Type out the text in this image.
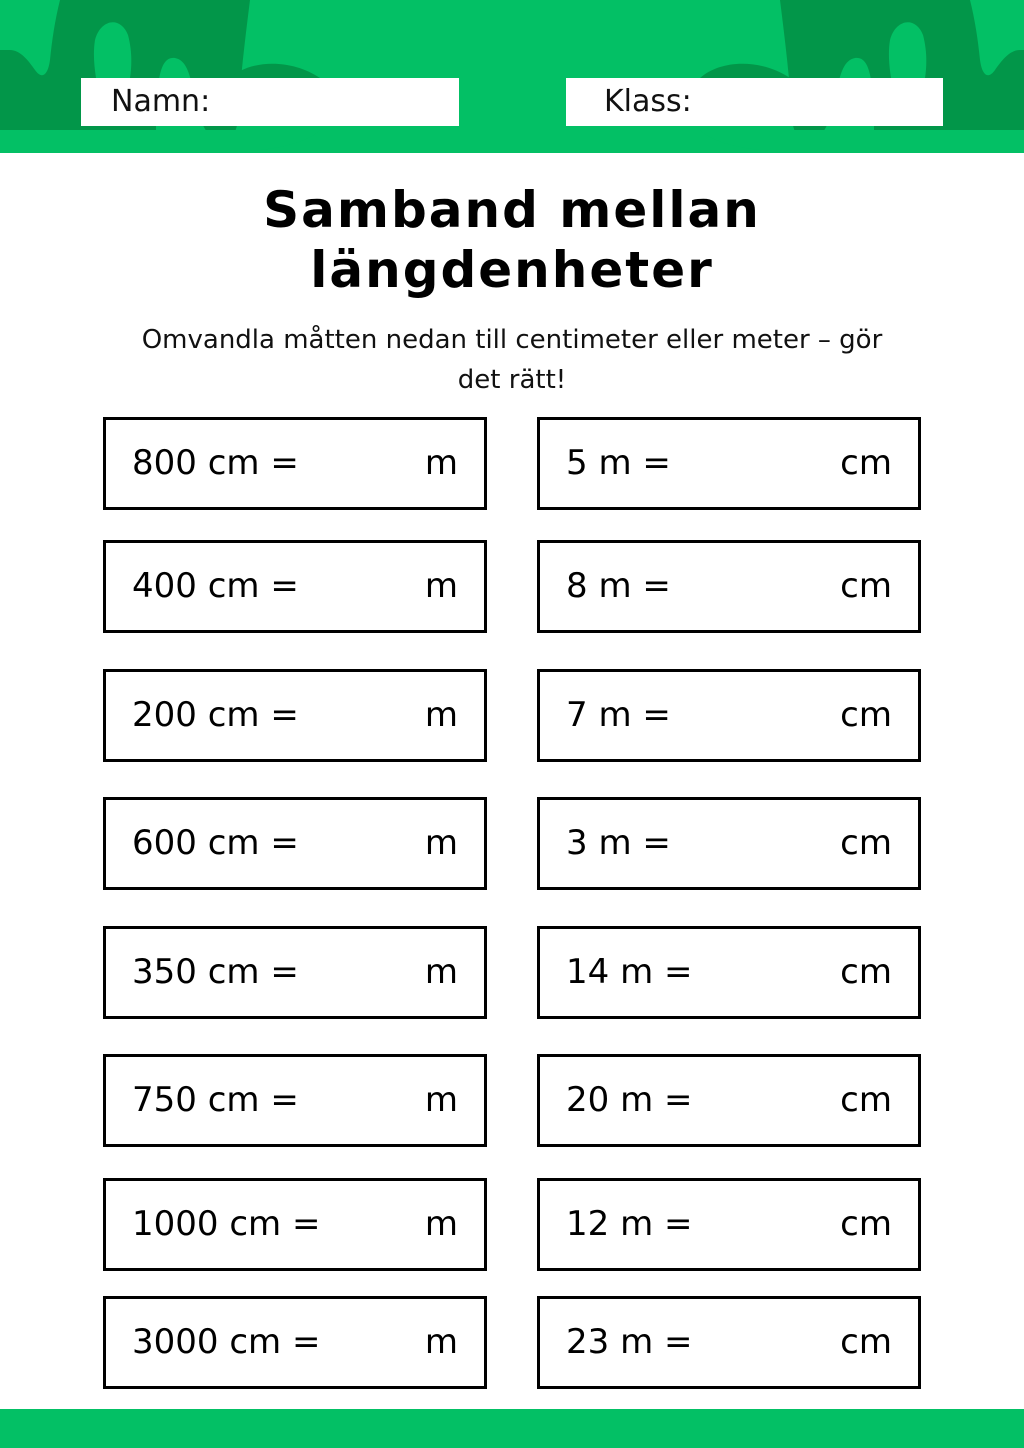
Namn:	Klass:
Samband mellan
längdenheter

Omvandla måtten nedan till centimeter eller meter – gör
det rätt!

800 cm =	m
400 cm =	m
200 cm =	m
600 cm =	m
350 cm =	m
750 cm =	m
1000 cm =	m
3000 cm =	m
5 m =	cm
8 m =	cm
7 m =	cm
3 m =	cm
14 m =	cm
20 m =	cm
12 m =	cm
23 m =	cm
